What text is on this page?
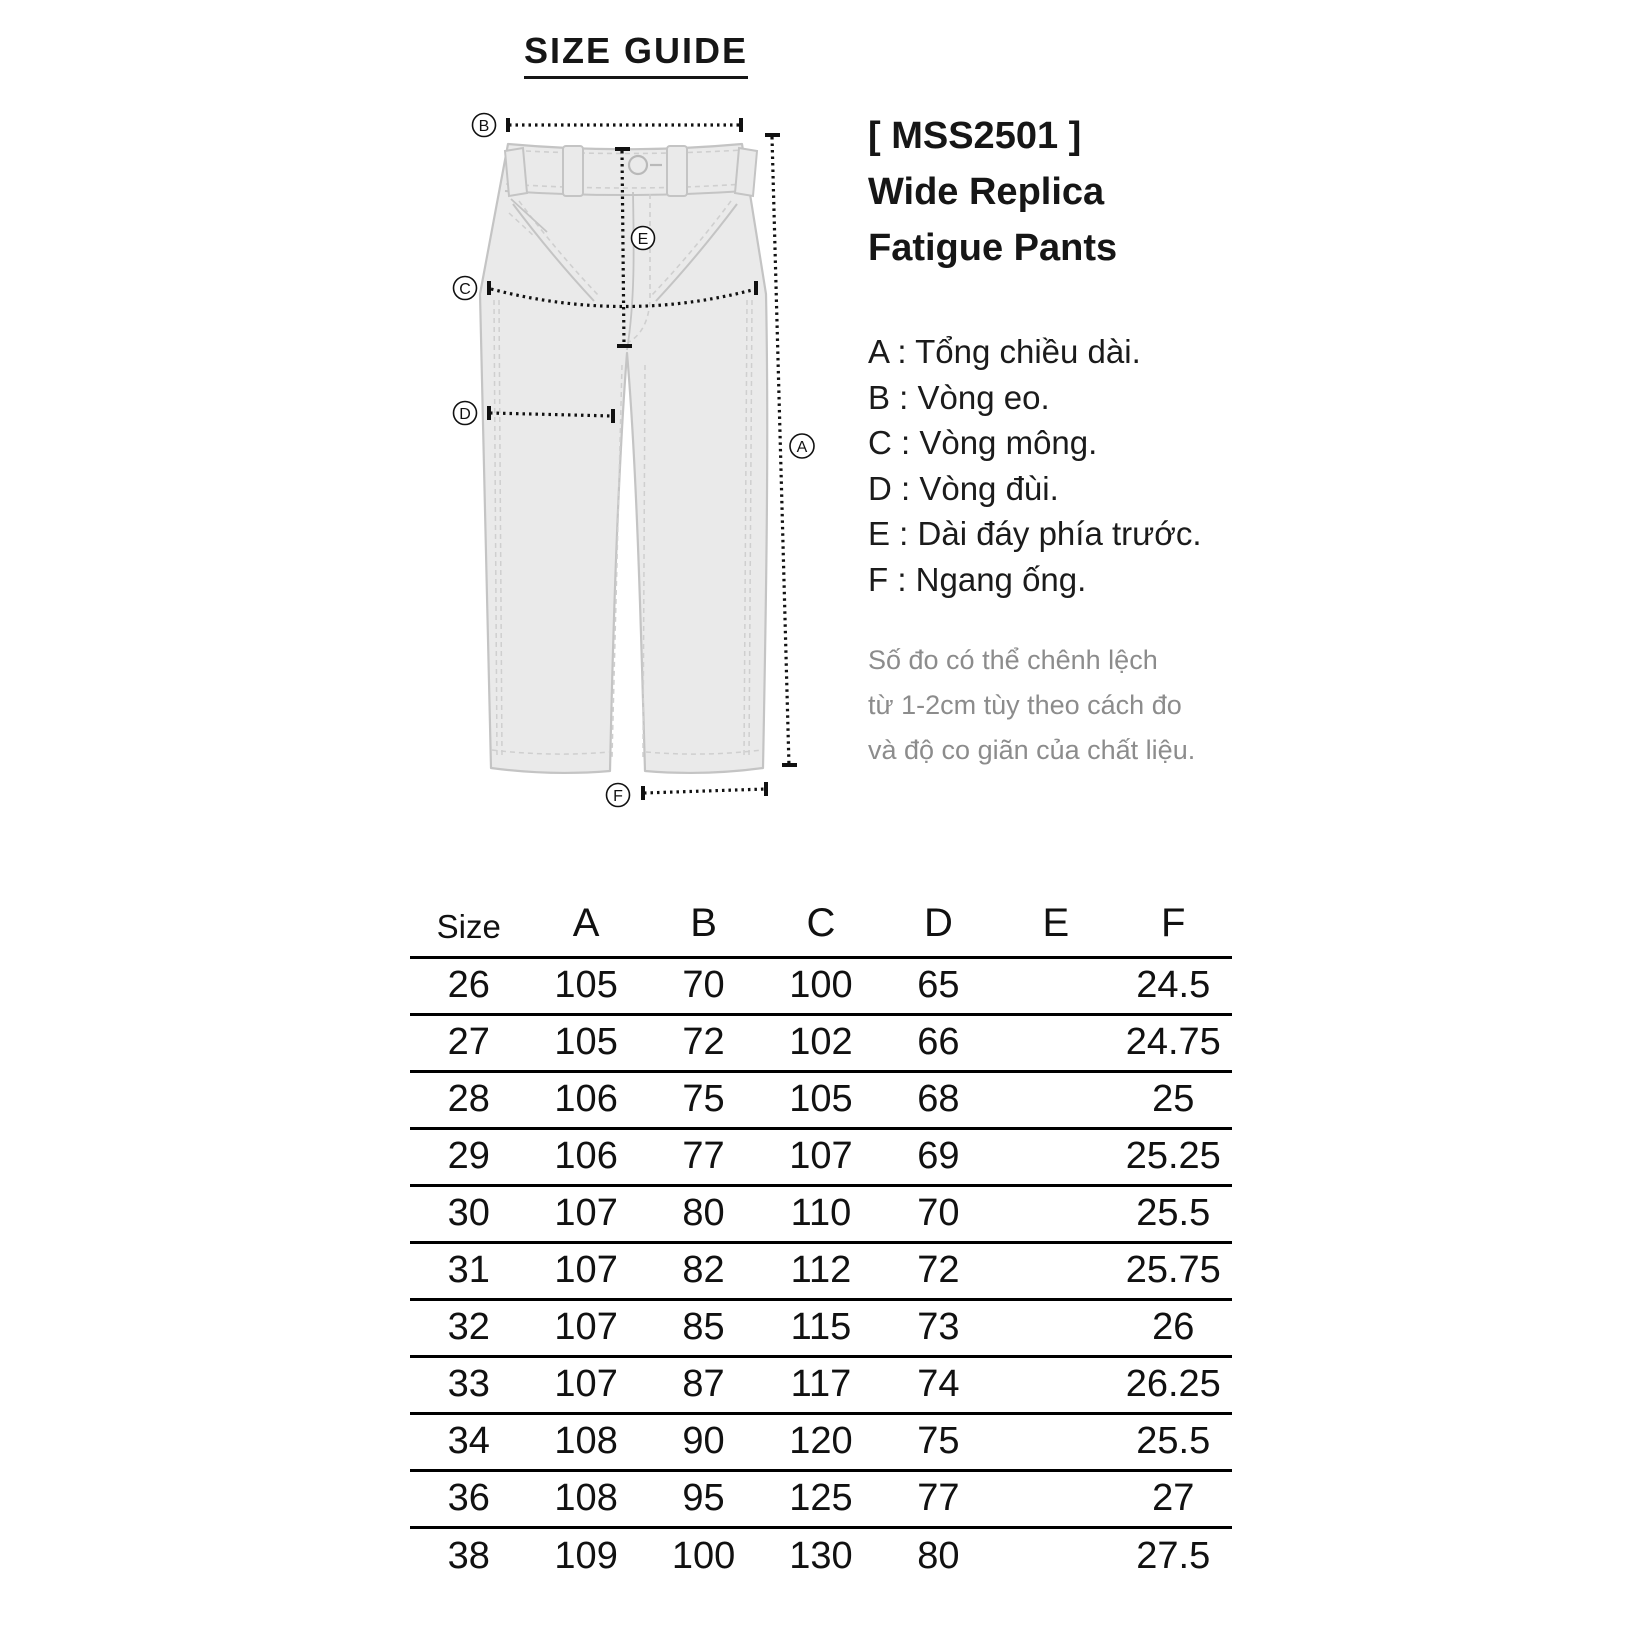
SIZE GUIDE
B
E
C
D
A
F
[ MSS2501 ]
Wide Replica
Fatigue Pants
A : Tổng chiều dài.
B : Vòng eo.
C : Vòng mông.
D : Vòng đùi.
E : Dài đáy phía trước.
F : Ngang ống.
Số đo có thể chênh lệch
từ 1-2cm tùy theo cách đo
và độ co giãn của chất liệu.
Size	A	B	C	D	E	F
26	105	70	100	65		24.5
27	105	72	102	66		24.75
28	106	75	105	68		25
29	106	77	107	69		25.25
30	107	80	110	70		25.5
31	107	82	112	72		25.75
32	107	85	115	73		26
33	107	87	117	74		26.25
34	108	90	120	75		25.5
36	108	95	125	77		27
38	109	100	130	80		27.5
